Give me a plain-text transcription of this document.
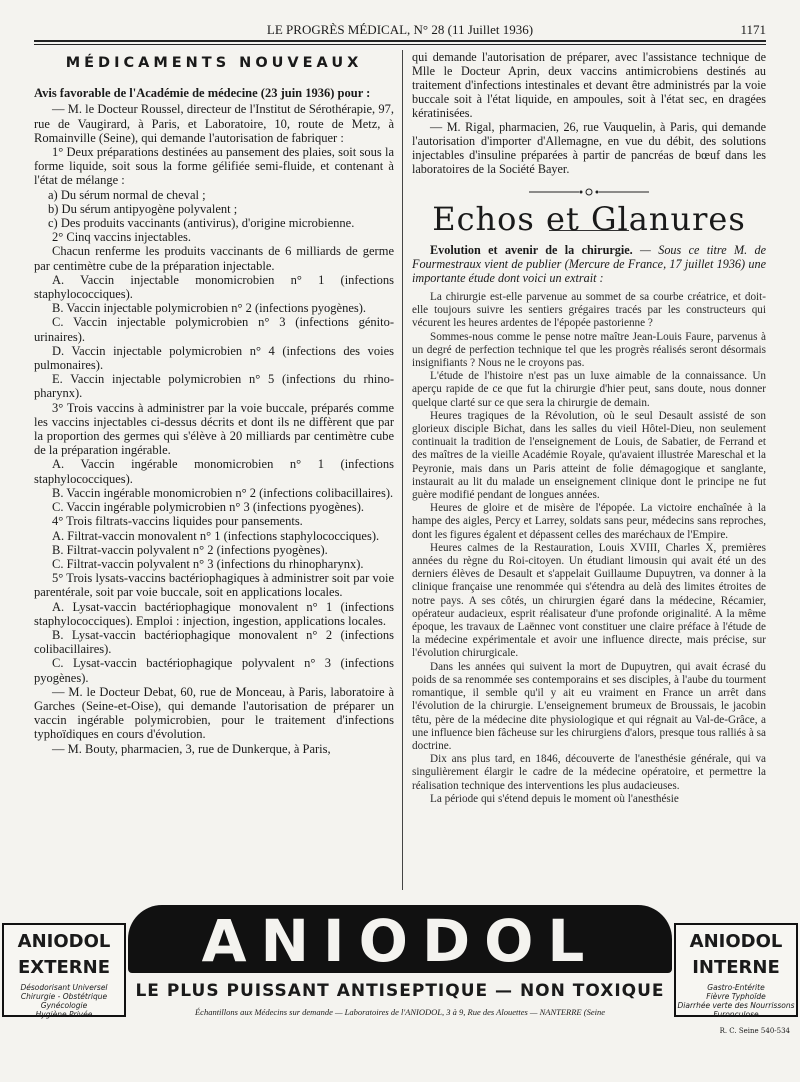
LE PROGRÈS MÉDICAL, N° 28 (11 Juillet 1936)	1171
MÉDICAMENTS NOUVEAUX
Avis favorable de l'Académie de médecine (23 juin 1936) pour :

— M. le Docteur Roussel, directeur de l'Institut de Sérothérapie, 97, rue de Vaugirard, à Paris, et Laboratoire, 10, route de Metz, à Romainville (Seine), qui demande l'autorisation de fabriquer :

1° Deux préparations destinées au pansement des plaies, soit sous la forme liquide, soit sous la forme gélifiée semi-fluide, et contenant à l'état de mélange :

a) Du sérum normal de cheval ;

b) Du sérum antipyogène polyvalent ;

c) Des produits vaccinants (antivirus), d'origine microbienne.

2° Cinq vaccins injectables.

Chacun renferme les produits vaccinants de 6 milliards de germe par centimètre cube de la préparation injectable.

A. Vaccin injectable monomicrobien n° 1 (infections staphylococciques).

B. Vaccin injectable polymicrobien n° 2 (infections pyogènes).

C. Vaccin injectable polymicrobien n° 3 (infections génito-urinaires).

D. Vaccin injectable polymicrobien n° 4 (infections des voies pulmonaires).

E. Vaccin injectable polymicrobien n° 5 (infections du rhino-pharynx).

3° Trois vaccins à administrer par la voie buccale, préparés comme les vaccins injectables ci-dessus décrits et dont ils ne diffèrent que par la proportion des germes qui s'élève à 20 milliards par centimètre cube de la préparation ingérable.

A. Vaccin ingérable monomicrobien n° 1 (infections staphylococciques).

B. Vaccin ingérable monomicrobien n° 2 (infections colibacillaires).

C. Vaccin ingérable polymicrobien n° 3 (infections pyogènes).

4° Trois filtrats-vaccins liquides pour pansements.

A. Filtrat-vaccin monovalent n° 1 (infections staphylococciques).

B. Filtrat-vaccin polyvalent n° 2 (infections pyogènes).

C. Filtrat-vaccin polyvalent n° 3 (infections du rhinopharynx).

5° Trois lysats-vaccins bactériophagiques à administrer soit par voie parentérale, soit par voie buccale, soit en applications locales.

A. Lysat-vaccin bactériophagique monovalent n° 1 (infections staphylococciques). Emploi : injection, ingestion, applications locales.

B. Lysat-vaccin bactériophagique monovalent n° 2 (infections colibacillaires).

C. Lysat-vaccin bactériophagique polyvalent n° 3 (infections pyogènes).

— M. le Docteur Debat, 60, rue de Monceau, à Paris, laboratoire à Garches (Seine-et-Oise), qui demande l'autorisation de préparer un vaccin ingérable polymicrobien, pour le traitement d'infections typhoïdiques en cours d'évolution.

— M. Bouty, pharmacien, 3, rue de Dunkerque, à Paris,

qui demande l'autorisation de préparer, avec l'assistance technique de Mlle le Docteur Aprin, deux vaccins antimicrobiens destinés au traitement d'infections intestinales et devant être administrés par la voie buccale soit à l'état liquide, en ampoules, soit à l'état sec, en dragées kératinisées.

— M. Rigal, pharmacien, 26, rue Vauquelin, à Paris, qui demande l'autorisation d'importer d'Allemagne, en vue du débit, des solutions injectables d'insuline préparées à partir de pancréas de bœuf dans les laboratoires de la Société Bayer.

Echos et Glanures

Evolution et avenir de la chirurgie. — Sous ce titre M. de Fourmestraux vient de publier (Mercure de France, 17 juillet 1936) une importante étude dont voici un extrait :

La chirurgie est-elle parvenue au sommet de sa courbe créatrice, et doit-elle toujours suivre les sentiers grégaires tracés par les constructeurs qui vécurent les heures ardentes de l'épopée pastorienne ?

Sommes-nous comme le pense notre maître Jean-Louis Faure, parvenus à un degré de perfection technique tel que les progrès réalisés seront désormais insignifiants ? Nous ne le croyons pas.

L'étude de l'histoire n'est pas un luxe aimable de la connaissance. Un aperçu rapide de ce que fut la chirurgie d'hier peut, sans doute, nous donner quelque clarté sur ce que sera la chirurgie de demain.

Heures tragiques de la Révolution, où le seul Desault assisté de son glorieux disciple Bichat, dans les salles du vieil Hôtel-Dieu, non seulement continuait la tradition de l'enseignement de Louis, de Sabatier, de Ferrand et des maîtres de la vieille Académie Royale, qu'avaient illustrée Mareschal et la Peyronie, mais dans un Paris atteint de folie démagogique et sanglante, instaurait au lit du malade un enseignement clinique dont le principe ne fut guère modifié pendant de longues années.

Heures de gloire et de misère de l'épopée. La victoire enchaînée à la hampe des aigles, Percy et Larrey, soldats sans peur, médecins sans reproches, dont les figures égalent et dépassent celles des maréchaux de l'Empire.

Heures calmes de la Restauration, Louis XVIII, Charles X, premières années du règne du Roi-citoyen. Un étudiant limousin qui avait été un des derniers élèves de Desault et s'appelait Guillaume Dupuytren, va donner à la clinique française une renommée qui s'étendra au delà des limites étroites de notre pays. A ses côtés, un chirurgien égaré dans la médecine, Récamier, opérateur audacieux, esprit réalisateur d'une profonde originalité. A la même époque, les travaux de Laënnec vont constituer une claire préface à l'étude de la médecine expérimentale et avoir une influence directe, mais précise, sur l'évolution chirurgicale.

Dans les années qui suivent la mort de Dupuytren, qui avait écrasé du poids de sa renommée ses contemporains et ses disciples, à l'aube du tourment romantique, il semble qu'il y ait eu vraiment en France un arrêt dans l'évolution de la chirurgie. L'enseignement brumeux de Broussais, le jacobin têtu, père de la médecine dite physiologique et qui régnait au Val-de-Grâce, a une influence bien fâcheuse sur les chirurgiens d'alors, presque tous ralliés à sa doctrine.

Dix ans plus tard, en 1846, découverte de l'anesthésie générale, qui va singulièrement élargir le cadre de la médecine opératoire, et permettre la réalisation technique des interventions les plus audacieuses.

La période qui s'étend depuis le moment où l'anesthésie

ANIODOL
EXTERNE
Désodorisant Universel
Chirurgie - Obstétrique
Gynécologie
Hygiène Privée
ANIODOL
LE PLUS PUISSANT ANTISEPTIQUE — NON TOXIQUE
Échantillons aux Médecins sur demande — Laboratoires de l'ANIODOL, 3 à 9, Rue des Alouettes — NANTERRE (Seine
ANIODOL
INTERNE
Gastro-Entérite
Fièvre Typhoïde
Diarrhée verte des Nourrissons
Furonculose
R. C. Seine 540-534
